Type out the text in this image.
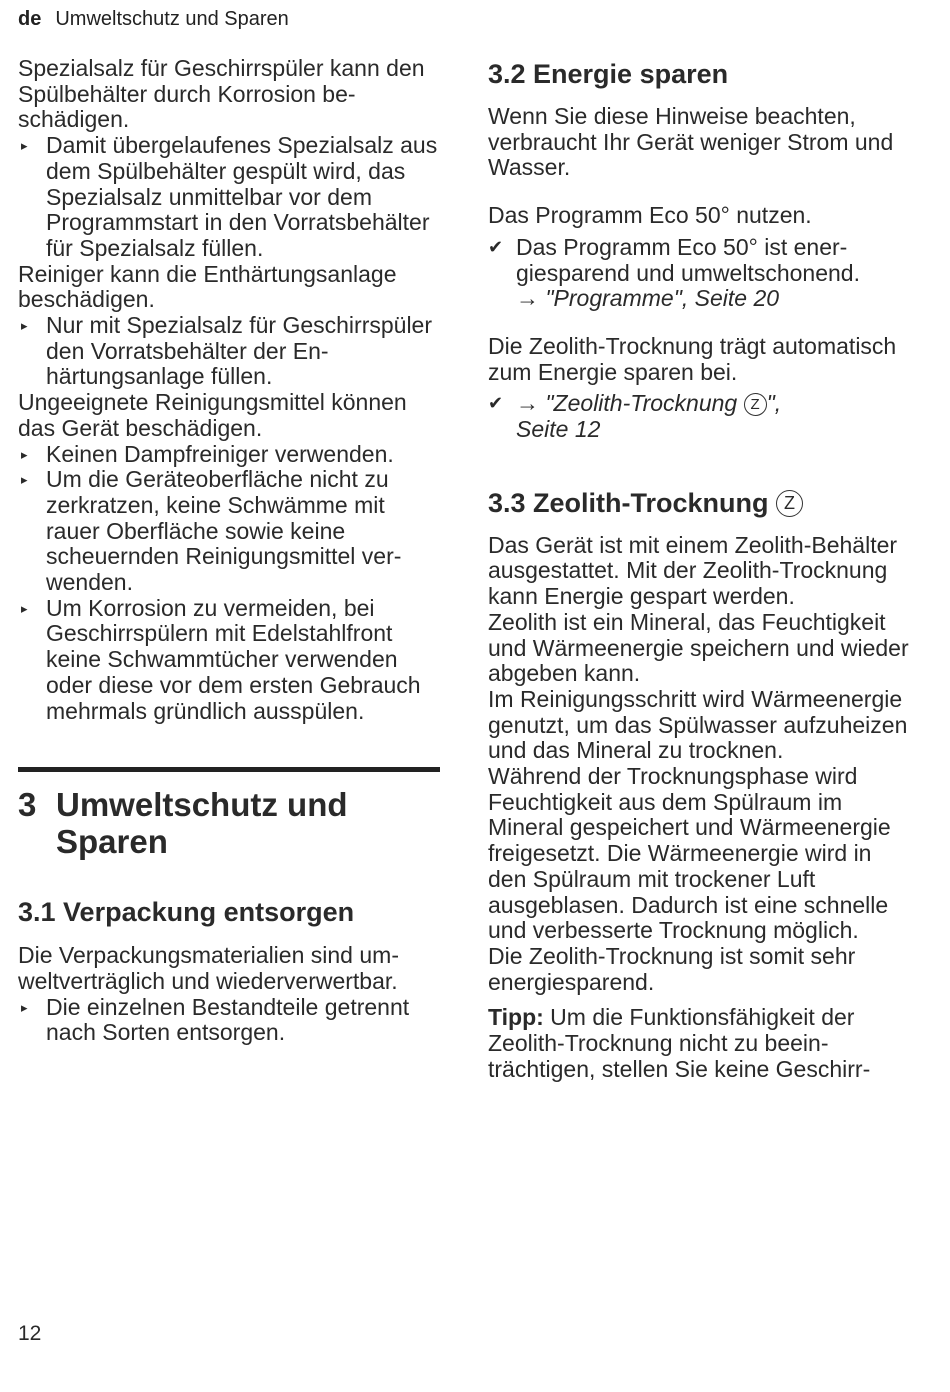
de Umweltschutz und Sparen

Spezialsalz für Geschirrspüler kann den Spülbehälter durch Korrosion beschädigen.

▸ Damit übergelaufenes Spezialsalz aus dem Spülbehälter gespült wird, das Spezialsalz unmittelbar vor dem Programmstart in den Vorratsbehälter für Spezialsalz füllen.

Reiniger kann die Enthärtungsanlage beschädigen.

▸ Nur mit Spezialsalz für Geschirrspüler den Vorratsbehälter der Enhärtungsanlage füllen.

Ungeeignete Reinigungsmittel können das Gerät beschädigen.

▸ Keinen Dampfreiniger verwenden.
▸ Um die Geräteoberfläche nicht zu zerkratzen, keine Schwämme mit rauer Oberfläche sowie keine scheuernden Reinigungsmittel verwenden.
▸ Um Korrosion zu vermeiden, bei Geschirrspülern mit Edelstahlfront keine Schwammtücher verwenden oder diese vor dem ersten Gebrauch mehrmals gründlich ausspülen.
3 Umweltschutz und Sparen
3.1 Verpackung entsorgen

Die Verpackungsmaterialien sind umweltverträglich und wiederverwertbar.

▸ Die einzelnen Bestandteile getrennt nach Sorten entsorgen.
3.2 Energie sparen

Wenn Sie diese Hinweise beachten, verbraucht Ihr Gerät weniger Strom und Wasser.

Das Programm Eco 50° nutzen.

✔ Das Programm Eco 50° ist energiesparend und umweltschonend.
→ "Programme", Seite 20

Die Zeolith-Trocknung trägt automatisch zum Energie sparen bei.

✔ → "Zeolith-Trocknung Z ",
Seite 12
3.3 Zeolith-Trocknung Z

Das Gerät ist mit einem Zeolith-Behälter ausgestattet. Mit der Zeolith-Trocknung kann Energie gespart werden.

Zeolith ist ein Mineral, das Feuchtigkeit und Wärmeenergie speichern und wieder abgeben kann.

Im Reinigungsschritt wird Wärmeenergie genutzt, um das Spülwasser aufzuheizen und das Mineral zu trocknen.

Während der Trocknungsphase wird Feuchtigkeit aus dem Spülraum im Mineral gespeichert und Wärmeenergie freigesetzt. Die Wärmeenergie wird in den Spülraum mit trockener Luft ausgeblasen. Dadurch ist eine schnelle und verbesserte Trocknung möglich.

Die Zeolith-Trocknung ist somit sehr energiesparend.

Tipp: Um die Funktionsfähigkeit der Zeolith-Trocknung nicht zu beeinträchtigen, stellen Sie keine Geschirr-

12
